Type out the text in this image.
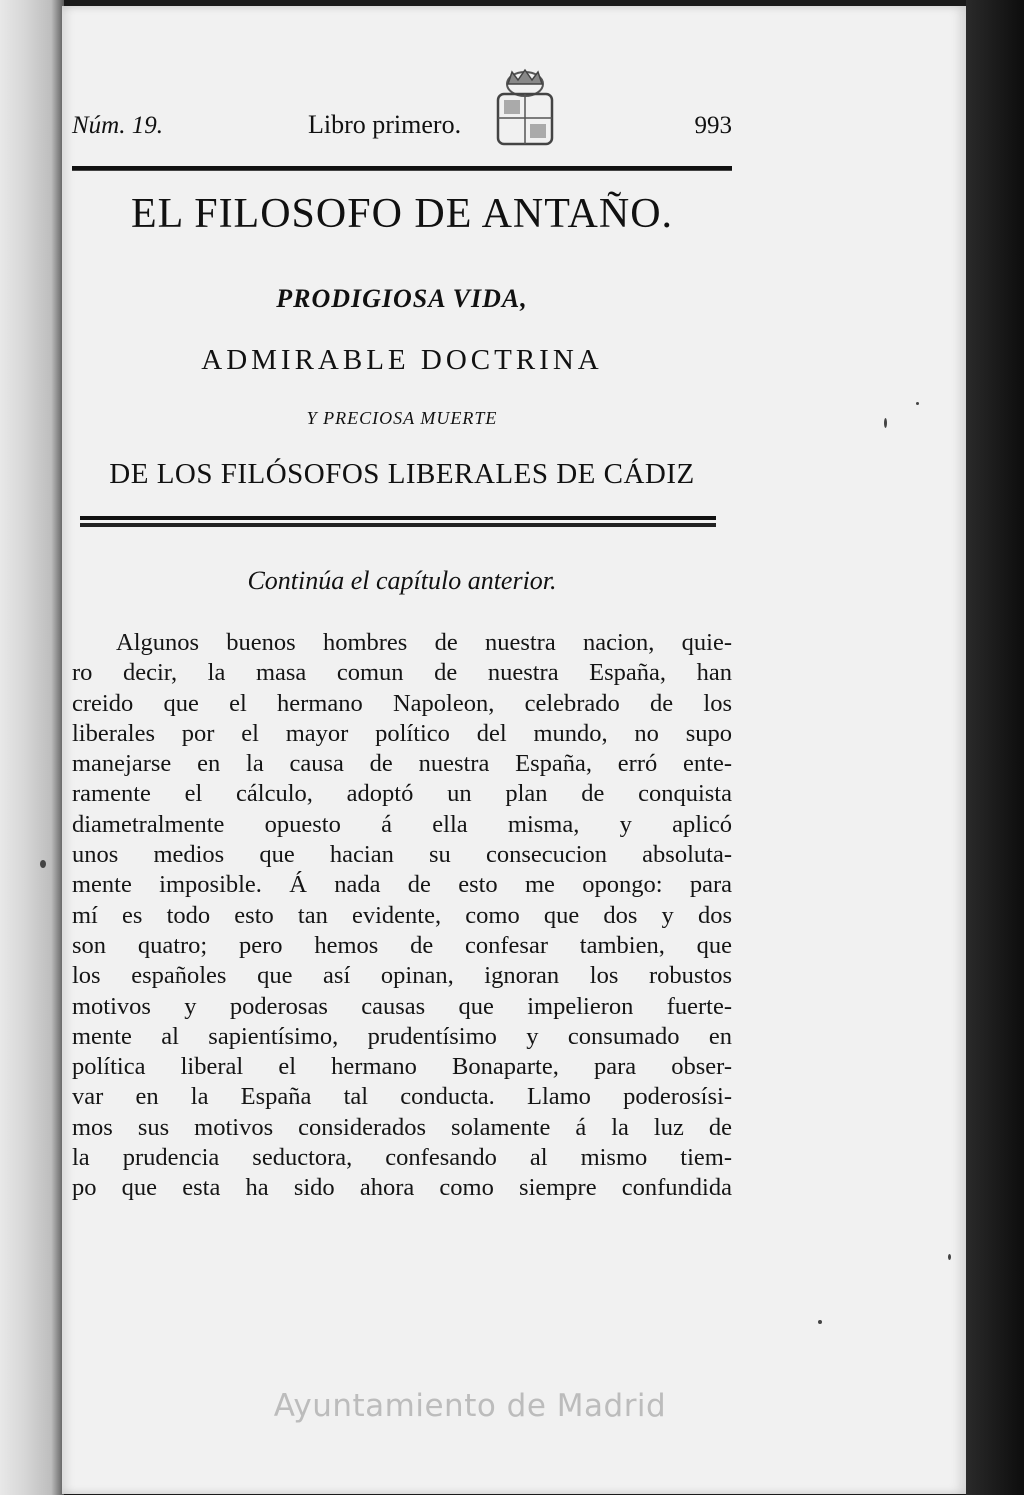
Núm. 19.	Libro primero.	993
EL FILOSOFO DE ANTAÑO.
PRODIGIOSA VIDA,
ADMIRABLE DOCTRINA
Y PRECIOSA MUERTE
DE LOS FILÓSOFOS LIBERALES DE CÁDIZ
Continúa el capítulo anterior.
Algunos buenos hombres de nuestra nacion, quie-
ro decir, la masa comun de nuestra España, han
creido que el hermano Napoleon, celebrado de los
liberales por el mayor político del mundo, no supo
manejarse en la causa de nuestra España, erró ente-
ramente el cálculo, adoptó un plan de conquista
diametralmente opuesto á ella misma, y aplicó
unos medios que hacian su consecucion absoluta-
mente imposible. Á nada de esto me opongo: para
mí es todo esto tan evidente, como que dos y dos
son quatro; pero hemos de confesar tambien, que
los españoles que así opinan, ignoran los robustos
motivos y poderosas causas que impelieron fuerte-
mente al sapientísimo, prudentísimo y consumado en
política liberal el hermano Bonaparte, para obser-
var en la España tal conducta. Llamo poderosísi-
mos sus motivos considerados solamente á la luz de
la prudencia seductora, confesando al mismo tiem-
po que esta ha sido ahora como siempre confundida
Ayuntamiento de Madrid
